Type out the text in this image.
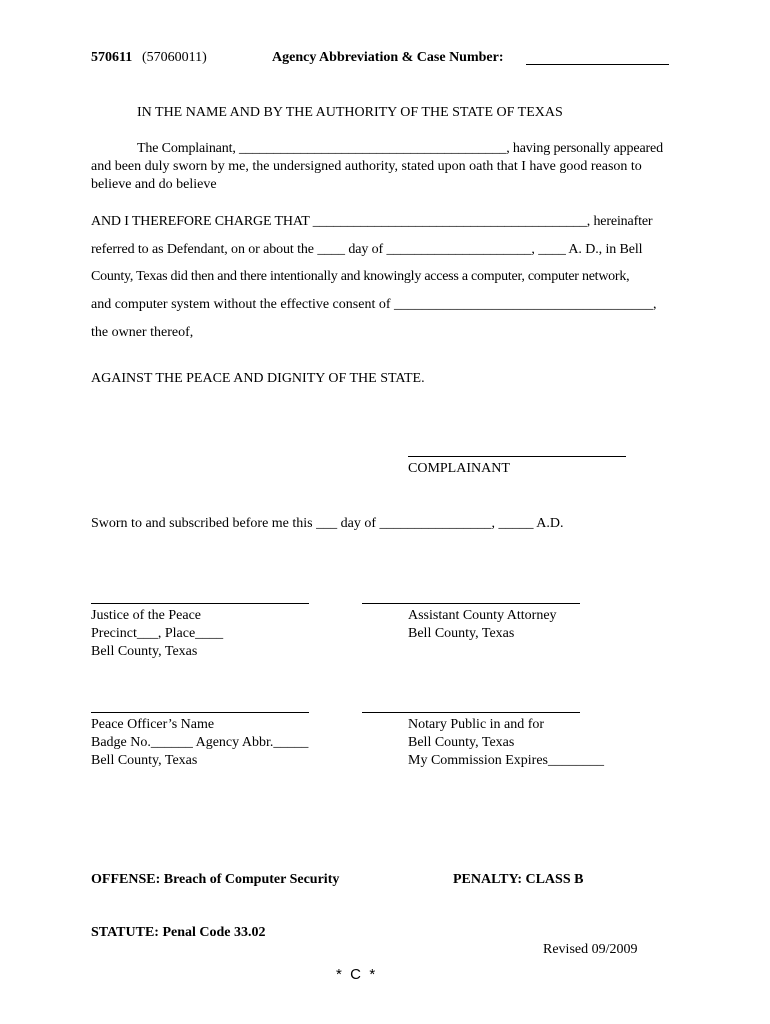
570611 (57060011)	Agency Abbreviation & Case Number:
IN THE NAME AND BY THE AUTHORITY OF THE STATE OF TEXAS
The Complainant, _______________________________________, having personally appeared
and been duly sworn by me, the undersigned authority, stated upon oath that I have good reason to
believe and do believe
AND I THEREFORE CHARGE THAT ________________________________________, hereinafter
referred to as Defendant, on or about the ____ day of _____________________, ____ A. D., in Bell
County, Texas did then and there intentionally and knowingly access a computer, computer network,
and computer system without the effective consent of _____________________________________,
the owner thereof,
AGAINST THE PEACE AND DIGNITY OF THE STATE.
COMPLAINANT
Sworn to and subscribed before me this ___ day of ________________, _____ A.D.
Justice of the Peace
Precinct___, Place____
Bell County, Texas
Assistant County Attorney
Bell County, Texas
Peace Officer’s Name
Badge No.______ Agency Abbr._____
Bell County, Texas
Notary Public in and for
Bell County, Texas
My Commission Expires________
OFFENSE: Breach of Computer Security	PENALTY: CLASS B
STATUTE: Penal Code 33.02
Revised 09/2009
*  C  *
